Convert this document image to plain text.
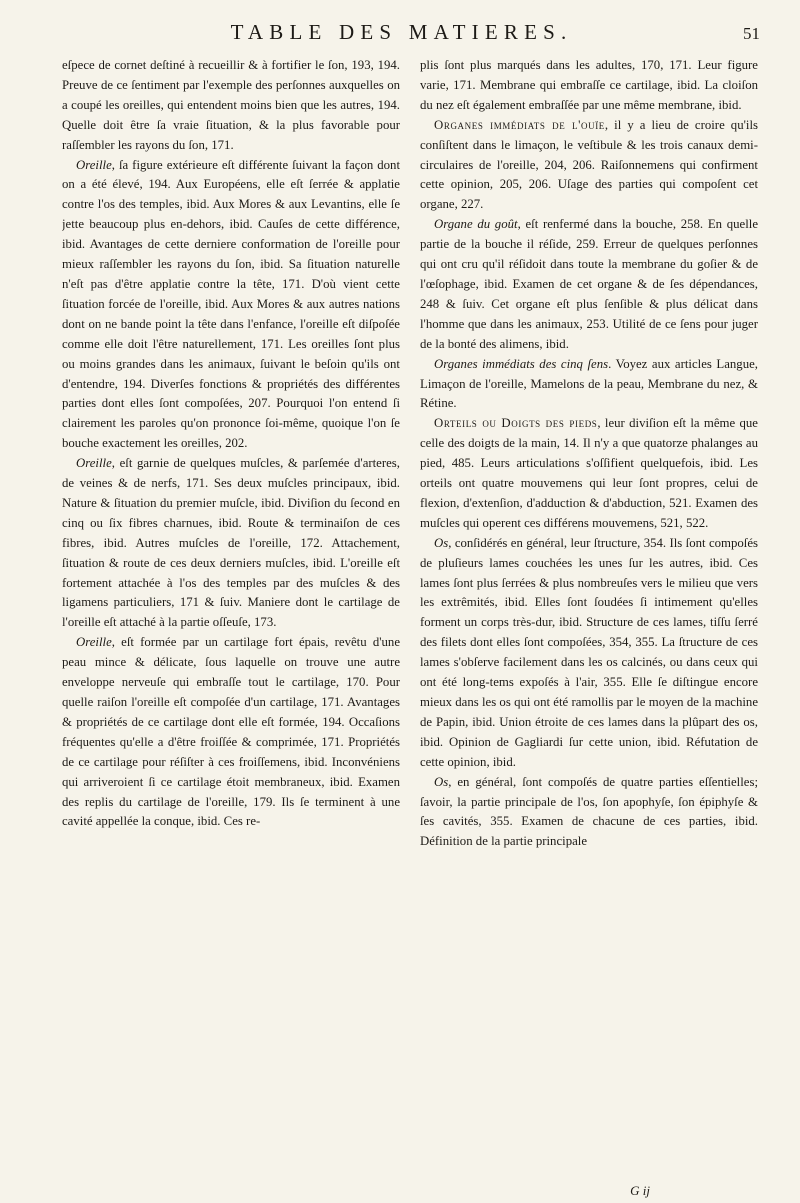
TABLE DES MATIERES.	51

eſpece de cornet deſtiné à recueillir & à fortifier le ſon, 193, 194. Preuve de ce ſentiment par l'exemple des perſonnes auxquelles on a coupé les oreilles, qui entendent moins bien que les autres, 194. Quelle doit être ſa vraie ſituation, & la plus favorable pour raſſembler les rayons du ſon, 171.

Oreille, ſa figure extérieure eſt différente ſuivant la façon dont on a été élevé, 194. Aux Européens, elle eſt ſerrée & applatie contre l'os des temples, ibid. Aux Mores & aux Levantins, elle ſe jette beaucoup plus en-dehors, ibid. Cauſes de cette différence, ibid. Avantages de cette derniere conformation de l'oreille pour mieux raſſembler les rayons du ſon, ibid. Sa ſituation naturelle n'eſt pas d'être applatie contre la tête, 171. D'où vient cette ſituation forcée de l'oreille, ibid. Aux Mores & aux autres nations dont on ne bande point la tête dans l'enfance, l'oreille eſt diſpoſée comme elle doit l'être naturellement, 171. Les oreilles ſont plus ou moins grandes dans les animaux, ſuivant le beſoin qu'ils ont d'entendre, 194. Diverſes fonctions & propriétés des différentes parties dont elles ſont compoſées, 207. Pourquoi l'on entend ſi clairement les paroles qu'on prononce ſoi-même, quoique l'on ſe bouche exactement les oreilles, 202.

Oreille, eſt garnie de quelques muſcles, & parſemée d'arteres, de veines & de nerfs, 171. Ses deux muſcles principaux, ibid. Nature & ſituation du premier muſcle, ibid. Diviſion du ſecond en cinq ou ſix fibres charnues, ibid. Route & terminaiſon de ces fibres, ibid. Autres muſcles de l'oreille, 172. Attachement, ſituation & route de ces deux derniers muſcles, ibid. L'oreille eſt fortement attachée à l'os des temples par des muſcles & des ligamens particuliers, 171 & ſuiv. Maniere dont le cartilage de l'oreille eſt attaché à la partie oſſeuſe, 173.

Oreille, eſt formée par un cartilage fort épais, revêtu d'une peau mince & délicate, ſous laquelle on trouve une autre enveloppe nerveuſe qui embraſſe tout le cartilage, 170. Pour quelle raiſon l'oreille eſt compoſée d'un cartilage, 171. Avantages & propriétés de ce cartilage dont elle eſt formée, 194. Occaſions fréquentes qu'elle a d'être froiſſée & comprimée, 171. Propriétés de ce cartilage pour réſiſter à ces froiſſemens, ibid. Inconvéniens qui arriveroient ſi ce cartilage étoit membraneux, ibid. Examen des replis du cartilage de l'oreille, 179. Ils ſe terminent à une cavité appellée la conque, ibid. Ces re-

plis ſont plus marqués dans les adultes, 170, 171. Leur figure varie, 171. Membrane qui embraſſe ce cartilage, ibid. La cloiſon du nez eſt également embraſſée par une même membrane, ibid.

Organes immédiats de l'ouïe, il y a lieu de croire qu'ils conſiſtent dans le limaçon, le veſtibule & les trois canaux demi-circulaires de l'oreille, 204, 206. Raiſonnemens qui confirment cette opinion, 205, 206. Uſage des parties qui compoſent cet organe, 227.

Organe du goût, eſt renfermé dans la bouche, 258. En quelle partie de la bouche il réſide, 259. Erreur de quelques perſonnes qui ont cru qu'il réſidoit dans toute la membrane du goſier & de l'œſophage, ibid. Examen de cet organe & de ſes dépendances, 248 & ſuiv. Cet organe eſt plus ſenſible & plus délicat dans l'homme que dans les animaux, 253. Utilité de ce ſens pour juger de la bonté des alimens, ibid.

Organes immédiats des cinq ſens. Voyez aux articles Langue, Limaçon de l'oreille, Mamelons de la peau, Membrane du nez, & Rétine.

Orteils ou Doigts des pieds, leur diviſion eſt la même que celle des doigts de la main, 14. Il n'y a que quatorze phalanges au pied, 485. Leurs articulations s'oſſifient quelquefois, ibid. Les orteils ont quatre mouvemens qui leur ſont propres, celui de flexion, d'extenſion, d'adduction & d'abduction, 521. Examen des muſcles qui operent ces différens mouvemens, 521, 522.

Os, conſidérés en général, leur ſtructure, 354. Ils ſont compoſés de pluſieurs lames couchées les unes ſur les autres, ibid. Ces lames ſont plus ſerrées & plus nombreuſes vers le milieu que vers les extrêmités, ibid. Elles ſont ſoudées ſi intimement qu'elles forment un corps très-dur, ibid. Structure de ces lames, tiſſu ſerré des filets dont elles ſont compoſées, 354, 355. La ſtructure de ces lames s'obſerve facilement dans les os calcinés, ou dans ceux qui ont été long-tems expoſés à l'air, 355. Elle ſe diſtingue encore mieux dans les os qui ont été ramollis par le moyen de la machine de Papin, ibid. Union étroite de ces lames dans la plûpart des os, ibid. Opinion de Gagliardi ſur cette union, ibid. Réfutation de cette opinion, ibid.

Os, en général, ſont compoſés de quatre parties eſſentielles; ſavoir, la partie principale de l'os, ſon apophyſe, ſon épiphyſe & ſes cavités, 355. Examen de chacune de ces parties, ibid. Définition de la partie principale

G ij
